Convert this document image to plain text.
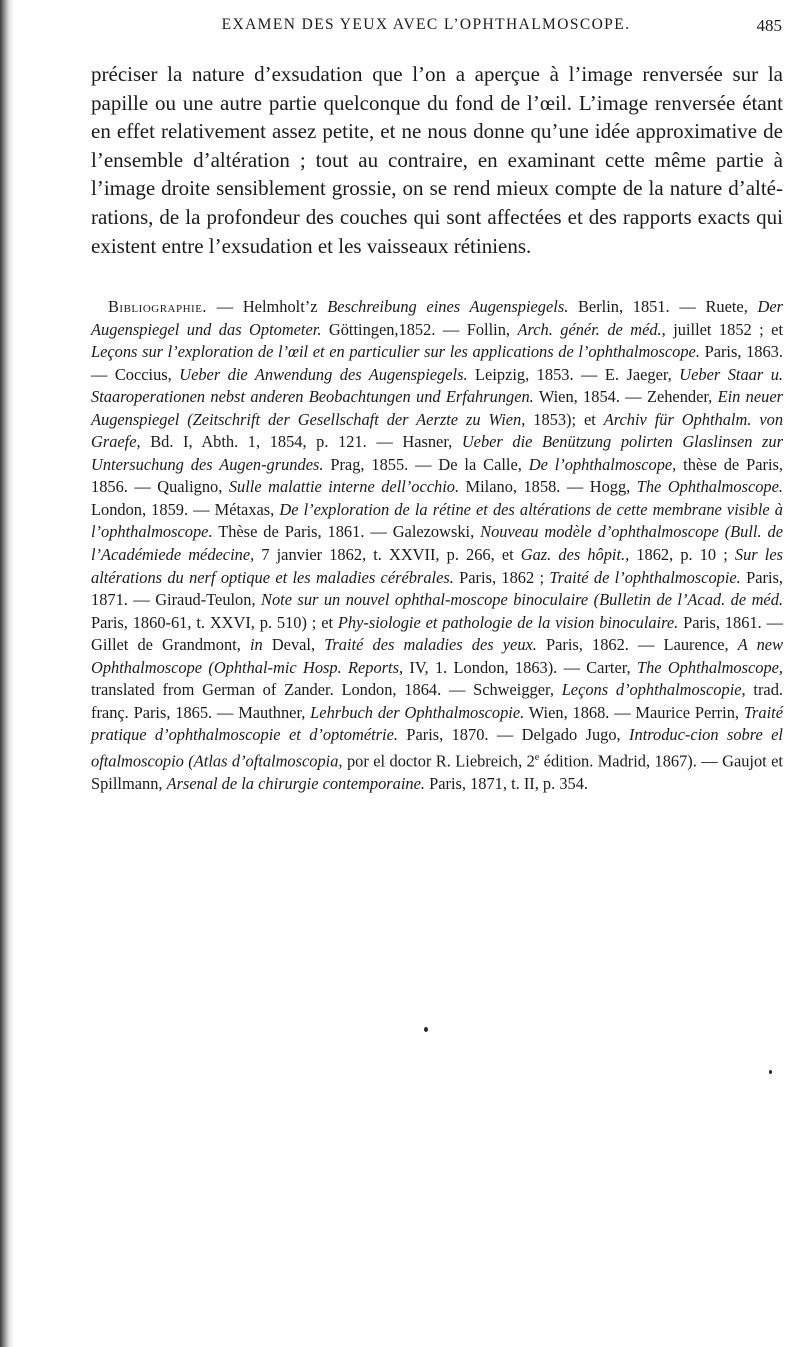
EXAMEN DES YEUX AVEC L’OPHTHALMOSCOPE.	485

préciser la nature d’exsudation que l’on a aperçue à l’image renversée sur la papille ou une autre partie quelconque du fond de l’œil. L’image renversée étant en effet relativement assez petite, et ne nous donne qu’une idée approximative de l’ensemble d’altération ; tout au contraire, en examinant cette même partie à l’image droite sensiblement grossie, on se rend mieux compte de la nature d’alté-rations, de la profondeur des couches qui sont affectées et des rapports exacts qui existent entre l’exsudation et les vaisseaux rétiniens.

Bibliographie. — Helmholt’z Beschreibung eines Augenspiegels. Berlin, 1851. — Ruete, Der Augenspiegel und das Optometer. Göttingen,1852. — Follin, Arch. génér. de méd., juillet 1852 ; et Leçons sur l’exploration de l’œil et en particulier sur les applications de l’ophthalmoscope. Paris, 1863. — Coccius, Ueber die Anwendung des Augenspiegels. Leipzig, 1853. — E. Jaeger, Ueber Staar u. Staaroperationen nebst anderen Beobachtungen und Erfahrungen. Wien, 1854. — Zehender, Ein neuer Augenspiegel (Zeitschrift der Gesellschaft der Aerzte zu Wien, 1853); et Archiv für Ophthalm. von Graefe, Bd. I, Abth. 1, 1854, p. 121. — Hasner, Ueber die Benützung polirten Glaslinsen zur Untersuchung des Augen-grundes. Prag, 1855. — De la Calle, De l’ophthalmoscope, thèse de Paris, 1856. — Qualigno, Sulle malattie interne dell’occhio. Milano, 1858. — Hogg, The Ophthalmoscope. London, 1859. — Métaxas, De l’exploration de la rétine et des altérations de cette membrane visible à l’ophthalmoscope. Thèse de Paris, 1861. — Galezowski, Nouveau modèle d’ophthalmoscope (Bull. de l’Académiede médecine, 7 janvier 1862, t. XXVII, p. 266, et Gaz. des hôpit., 1862, p. 10 ; Sur les altérations du nerf optique et les maladies cérébrales. Paris, 1862 ; Traité de l’ophthalmoscopie. Paris, 1871. — Giraud-Teulon, Note sur un nouvel ophthal-moscope binoculaire (Bulletin de l’Acad. de méd. Paris, 1860-61, t. XXVI, p. 510) ; et Phy-siologie et pathologie de la vision binoculaire. Paris, 1861. — Gillet de Grandmont, in Deval, Traité des maladies des yeux. Paris, 1862. — Laurence, A new Ophthalmoscope (Ophthal-mic Hosp. Reports, IV, 1. London, 1863). — Carter, The Ophthalmoscope, translated from German of Zander. London, 1864. — Schweigger, Leçons d’ophthalmoscopie, trad. franç. Paris, 1865. — Mauthner, Lehrbuch der Ophthalmoscopie. Wien, 1868. — Maurice Perrin, Traité pratique d’ophthalmoscopie et d’optométrie. Paris, 1870. — Delgado Jugo, Introduc-cion sobre el oftalmoscopio (Atlas d’oftalmoscopia, por el doctor R. Liebreich, 2e édition. Madrid, 1867). — Gaujot et Spillmann, Arsenal de la chirurgie contemporaine. Paris, 1871, t. II, p. 354.
